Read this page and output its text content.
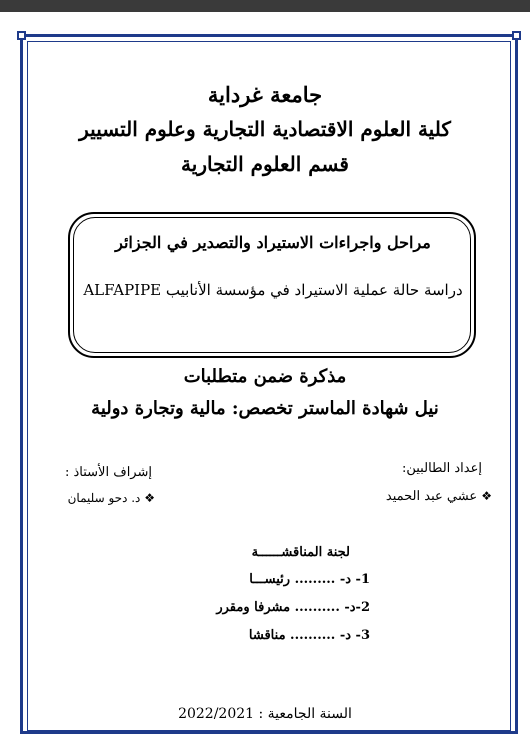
جامعة غرداية
كلية العلوم الاقتصادية التجارية وعلوم التسيير
قسم العلوم التجارية
مراحل واجراءات الاستيراد والتصدير في الجزائر
دراسة حالة عملية الاستيراد في مؤسسة الأنابيب ALFAPIPE
مذكرة ضمن متطلبات
نيل شهادة الماستر تخصص: مالية وتجارة دولية
إعداد الطالبين:
❖ عشي عبد الحميد
إشراف الأستاذ :
❖ د. دحو سليمان
لجنة المناقشــــــة
1- د- ......... رئيســـا
2-د- .......... مشرفا ومقرر
3- د- .......... مناقشا
السنة الجامعية : 2022/2021
